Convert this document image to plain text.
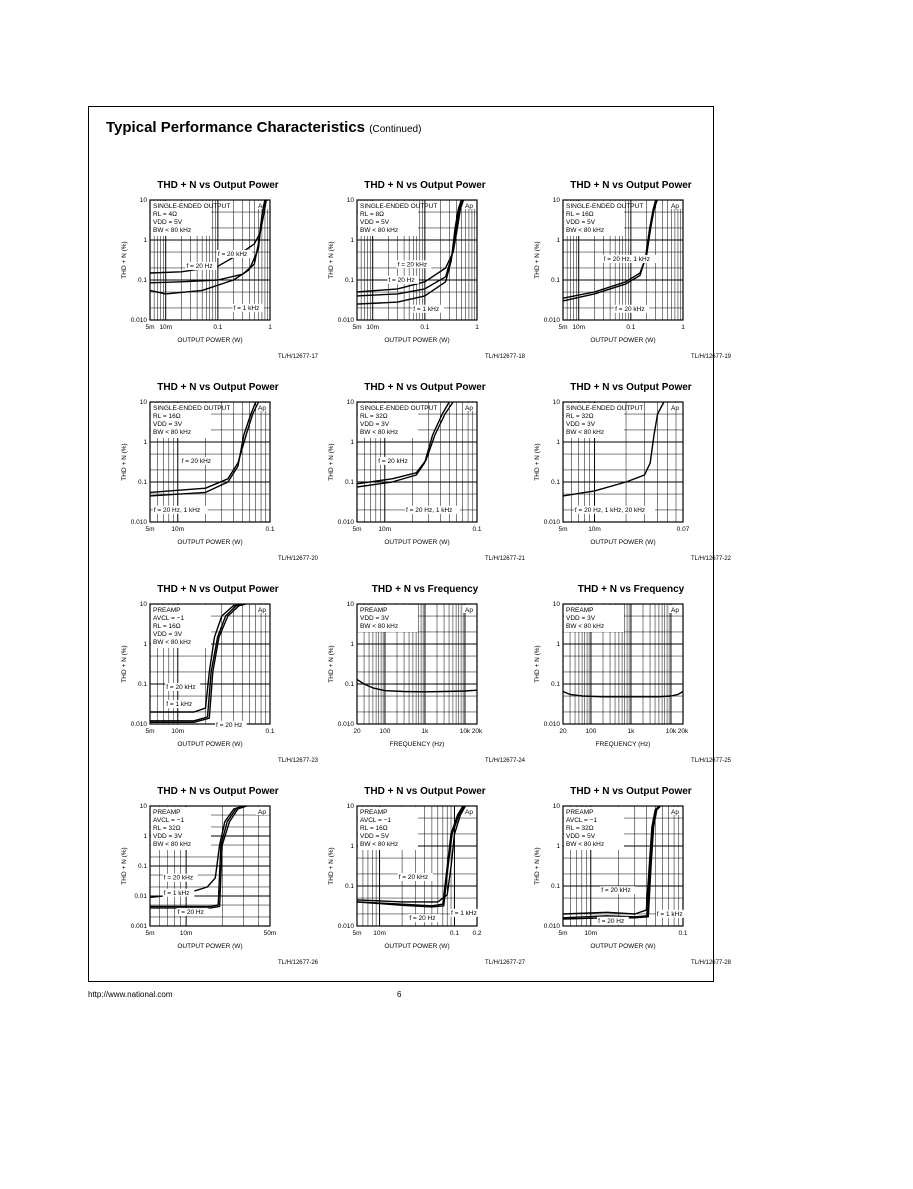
Typical Performance Characteristics (Continued)
THD + N vs Output Power
SINGLE-ENDED OUTPUT
RL = 4Ω
VDD = 5V
BW < 80 kHz
Ap
f = 20 kHz
f = 20 Hz
f = 1 kHz
5m 10m	0.1	1
0.010
0.1
1
10
OUTPUT POWER (W)
THD + N (%)
TL/H/12677-17
THD + N vs Output Power
SINGLE-ENDED OUTPUT
RL = 8Ω
VDD = 5V
BW < 80 kHz
Ap
f = 20 kHz
f = 20 Hz
f = 1 kHz
5m 10m	0.1	1
0.010
0.1
1
10
OUTPUT POWER (W)
THD + N (%)
TL/H/12677-18
THD + N vs Output Power
SINGLE-ENDED OUTPUT
RL = 16Ω
VDD = 5V
BW < 80 kHz
Ap
f = 20 Hz, 1 kHz
f = 20 kHz
5m 10m	0.1	1
0.010
0.1
1
10
OUTPUT POWER (W)
THD + N (%)
TL/H/12677-19
THD + N vs Output Power
SINGLE-ENDED OUTPUT
RL = 16Ω
VDD = 3V
BW < 80 kHz
Ap
f = 20 kHz
f = 20 Hz, 1 kHz
5m	10m	0.1
0.010
0.1
1
10
OUTPUT POWER (W)
THD + N (%)
TL/H/12677-20
THD + N vs Output Power
SINGLE-ENDED OUTPUT
RL = 32Ω
VDD = 3V
BW < 80 kHz
Ap
f = 20 kHz
f = 20 Hz, 1 kHz
5m	10m	0.1
0.010
0.1
1
10
OUTPUT POWER (W)
THD + N (%)
TL/H/12677-21
THD + N vs Output Power
SINGLE-ENDED OUTPUT
RL = 32Ω
VDD = 3V
BW < 80 kHz
Ap
f = 20 Hz, 1 kHz, 20 kHz
5m	10m	0.07
0.010
0.1
1
10
OUTPUT POWER (W)
THD + N (%)
TL/H/12677-22
THD + N vs Output Power
PREAMP
AVCL = −1
RL = 16Ω
VDD = 3V
BW < 80 kHz
Ap
f = 20 kHz
f = 1 kHz
f = 20 Hz
5m	10m	0.1
0.010
0.1
1
10
OUTPUT POWER (W)
THD + N (%)
TL/H/12677-23
THD + N vs Frequency
PREAMP
VDD = 3V
BW < 80 kHz
Ap
20	100	1k	10k 20k
0.010
0.1
1
10
FREQUENCY (Hz)
THD + N (%)
TL/H/12677-24
THD + N vs Frequency
PREAMP
VDD = 3V
BW < 80 kHz
Ap
20	100	1k	10k 20k
0.010
0.1
1
10
FREQUENCY (Hz)
THD + N (%)
TL/H/12677-25
THD + N vs Output Power
PREAMP
AVCL = −1
RL = 32Ω
VDD = 3V
BW < 80 kHz
Ap
f = 20 kHz
f = 1 kHz
f = 20 Hz
5m	10m	50m
0.001
0.01
0.1
1
10
OUTPUT POWER (W)
THD + N (%)
TL/H/12677-26
THD + N vs Output Power
PREAMP
AVCL = −1
RL = 16Ω
VDD = 5V
BW < 80 kHz
Ap
f = 20 kHz
f = 1 kHz
f = 20 Hz
5m 10m	0.1 0.2
0.010
0.1
1
10
OUTPUT POWER (W)
THD + N (%)
TL/H/12677-27
THD + N vs Output Power
PREAMP
AVCL = −1
RL = 32Ω
VDD = 5V
BW < 80 kHz
Ap
f = 20 kHz
f = 20 Hz
f = 1 kHz
5m	10m	0.1
0.010
0.1
1
10
OUTPUT POWER (W)
THD + N (%)
TL/H/12677-28
http://www.national.com	6
